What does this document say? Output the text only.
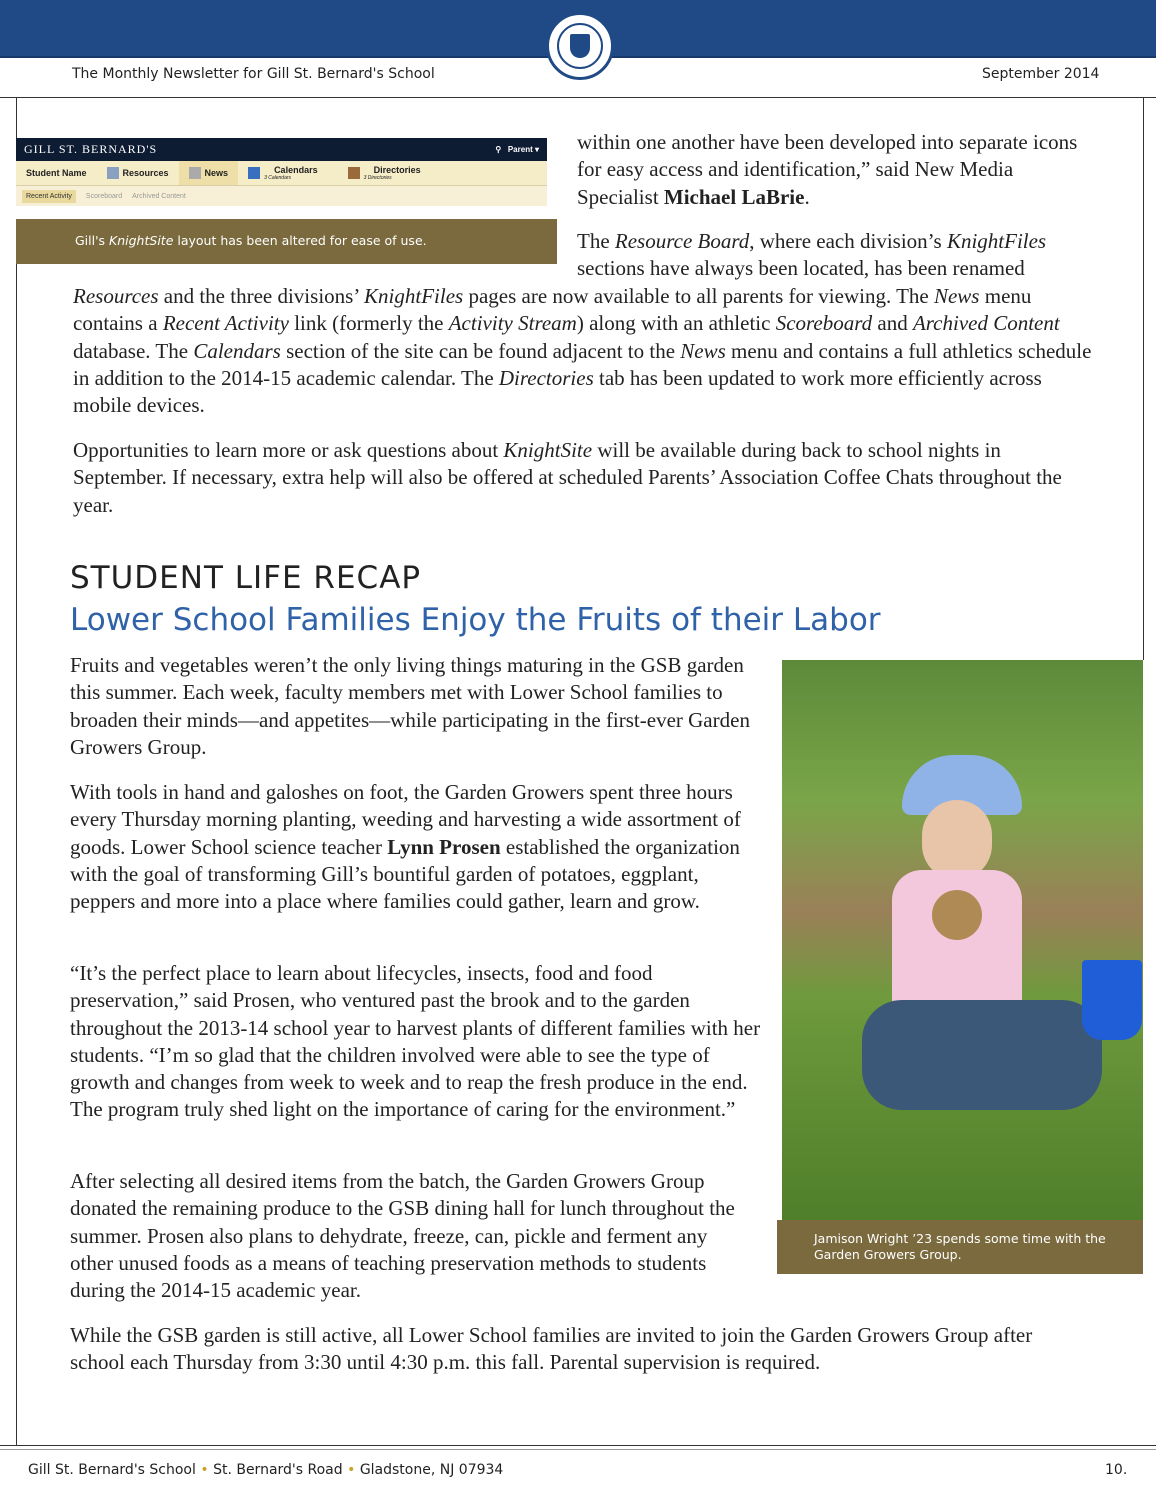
The Monthly Newsletter for Gill St. Bernard's School	September 2014
GILL ST. BERNARD'S	⚲   Parent ▾
Student Name	Resources	News	Calendars
3 Calendars
Directories
3 Directories
Recent Activity	Scoreboard Archived Content
Gill's KnightSite layout has been altered for ease of use.

within one another have been developed into separate icons for easy access and identification,” said New Media Specialist Michael LaBrie.

The Resource Board, where each division’s KnightFiles sections have always been located, has been renamed

Resources and the three divisions’ KnightFiles pages are now available to all parents for viewing. The News menu contains a Recent Activity link (formerly the Activity Stream) along with an athletic Scoreboard and Archived Content database. The Calendars section of the site can be found adjacent to the News menu and contains a full athletics schedule in addition to the 2014-15 academic calendar. The Directories tab has been updated to work more efficiently across mobile devices.

Opportunities to learn more or ask questions about KnightSite will be available during back to school nights in September. If necessary, extra help will also be offered at scheduled Parents’ Association Coffee Chats throughout the year.

STUDENT LIFE RECAP
Lower School Families Enjoy the Fruits of their Labor

Fruits and vegetables weren’t the only living things maturing in the GSB garden this summer. Each week, faculty members met with Lower School families to broaden their minds—and appetites—while participating in the first-ever Garden Growers Group.

With tools in hand and galoshes on foot, the Garden Growers spent three hours every Thursday morning planting, weeding and harvesting a wide assortment of goods. Lower School science teacher Lynn Prosen established the organization with the goal of transforming Gill’s bountiful garden of potatoes, eggplant, peppers and more into a place where families could gather, learn and grow.

“It’s the perfect place to learn about lifecycles, insects, food and food preservation,” said Prosen, who ventured past the brook and to the garden throughout the 2013-14 school year to harvest plants of different families with her students. “I’m so glad that the children involved were able to see the type of growth and changes from week to week and to reap the fresh produce in the end. The program truly shed light on the importance of caring for the environment.”

After selecting all desired items from the batch, the Garden Growers Group donated the remaining produce to the GSB dining hall for lunch throughout the summer. Prosen also plans to dehydrate, freeze, can, pickle and ferment any other unused foods as a means of teaching preservation methods to students during the 2014-15 academic year.

While the GSB garden is still active, all Lower School families are invited to join the Garden Growers Group after school each Thursday from 3:30 until 4:30 p.m. this fall. Parental supervision is required.

Jamison Wright ’23 spends some time with the Garden Growers Group.
Gill St. Bernard's School • St. Bernard's Road • Gladstone, NJ 07934	10.
